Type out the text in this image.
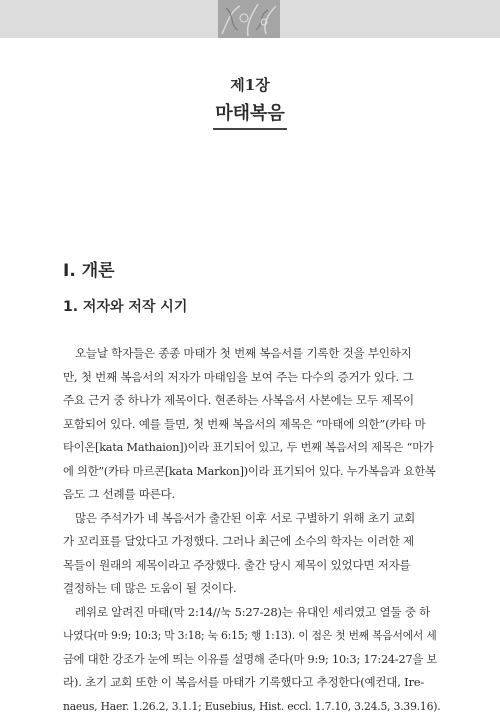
제1장
마태복음
I. 개론
1. 저자와 저작 시기
오늘날 학자들은 종종 마태가 첫 번째 복음서를 기록한 것을 부인하지
만, 첫 번째 복음서의 저자가 마태임을 보여 주는 다수의 증거가 있다. 그
주요 근거 중 하나가 제목이다. 현존하는 사복음서 사본에는 모두 제목이
포함되어 있다. 예를 들면, 첫 번째 복음서의 제목은 “마태에 의한”(카타 마
타이온[kata Mathaion])이라 표기되어 있고, 두 번째 복음서의 제목은 “마가
에 의한”(카타 마르콘[kata Markon])이라 표기되어 있다. 누가복음과 요한복
음도 그 선례를 따른다.
많은 주석가가 네 복음서가 출간된 이후 서로 구별하기 위해 초기 교회
가 꼬리표를 달았다고 가정했다. 그러나 최근에 소수의 학자는 이러한 제
목들이 원래의 제목이라고 주장했다. 출간 당시 제목이 있었다면 저자를
결정하는 데 많은 도움이 될 것이다.
레위로 알려진 마태(막 2:14//눅 5:27-28)는 유대인 세리였고 열둘 중 하
나였다(마 9:9; 10:3; 막 3:18; 눅 6:15; 행 1:13). 이 점은 첫 번째 복음서에서 세
금에 대한 강조가 눈에 띄는 이유를 설명해 준다(마 9:9; 10:3; 17:24-27을 보
라). 초기 교회 또한 이 복음서를 마태가 기록했다고 추정한다(예컨대, Ire-
naeus, Haer. 1.26.2, 3.1.1; Eusebius, Hist. eccl. 1.7.10, 3.24.5, 3.39.16).
